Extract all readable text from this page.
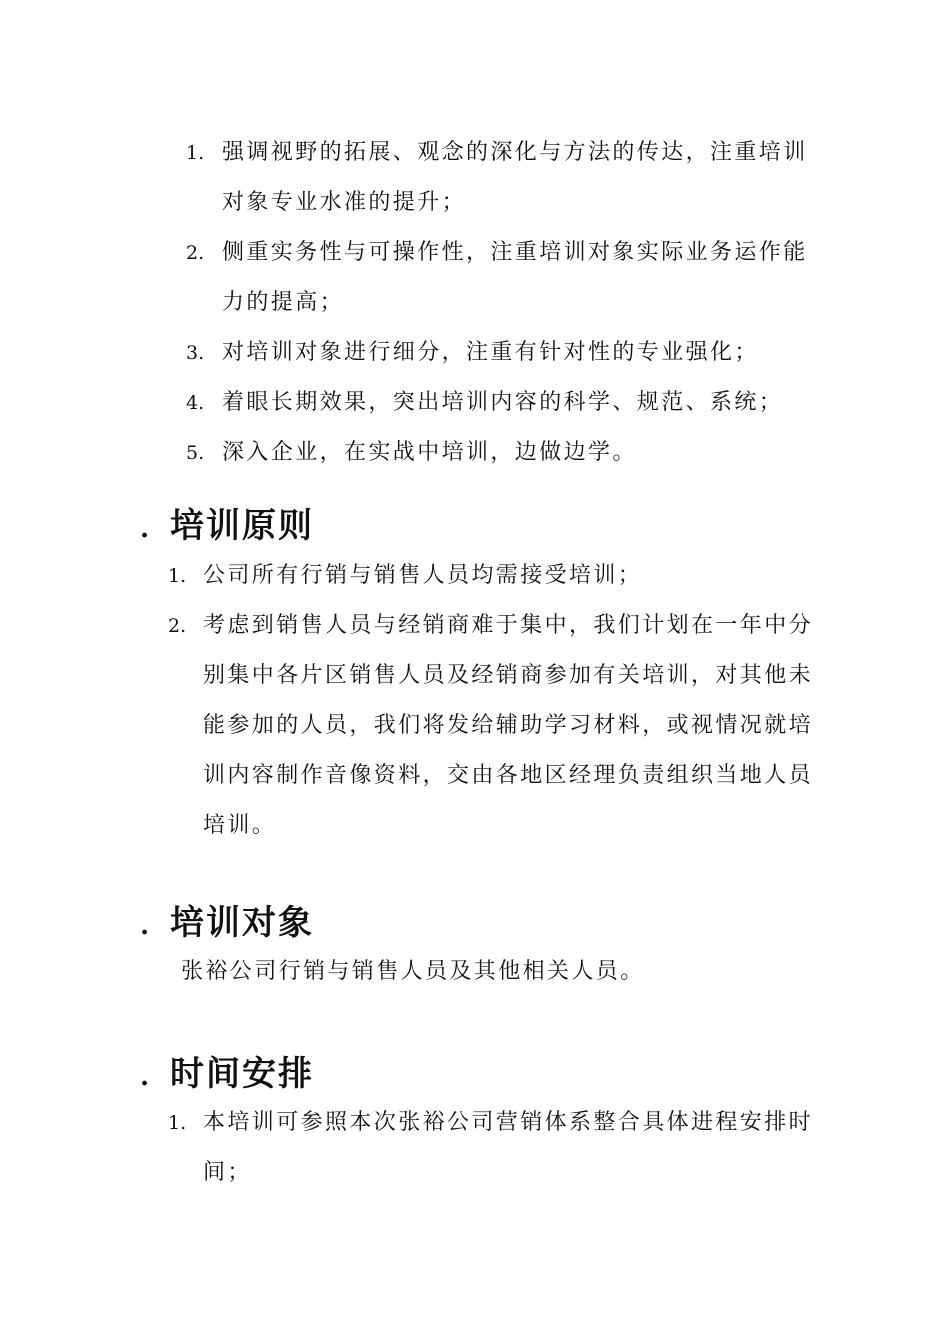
1. 强调视野的拓展、观念的深化与方法的传达，注重培训对象专业水准的提升；
2. 侧重实务性与可操作性，注重培训对象实际业务运作能力的提高；
3. 对培训对象进行细分，注重有针对性的专业强化；
4. 着眼长期效果，突出培训内容的科学、规范、系统；
5. 深入企业，在实战中培训，边做边学。
. 培训原则
1. 公司所有行销与销售人员均需接受培训；
2. 考虑到销售人员与经销商难于集中，我们计划在一年中分别集中各片区销售人员及经销商参加有关培训，对其他未能参加的人员，我们将发给辅助学习材料，或视情况就培训内容制作音像资料，交由各地区经理负责组织当地人员培训。
. 培训对象

张裕公司行销与销售人员及其他相关人员。

. 时间安排
1. 本培训可参照本次张裕公司营销体系整合具体进程安排时间；
